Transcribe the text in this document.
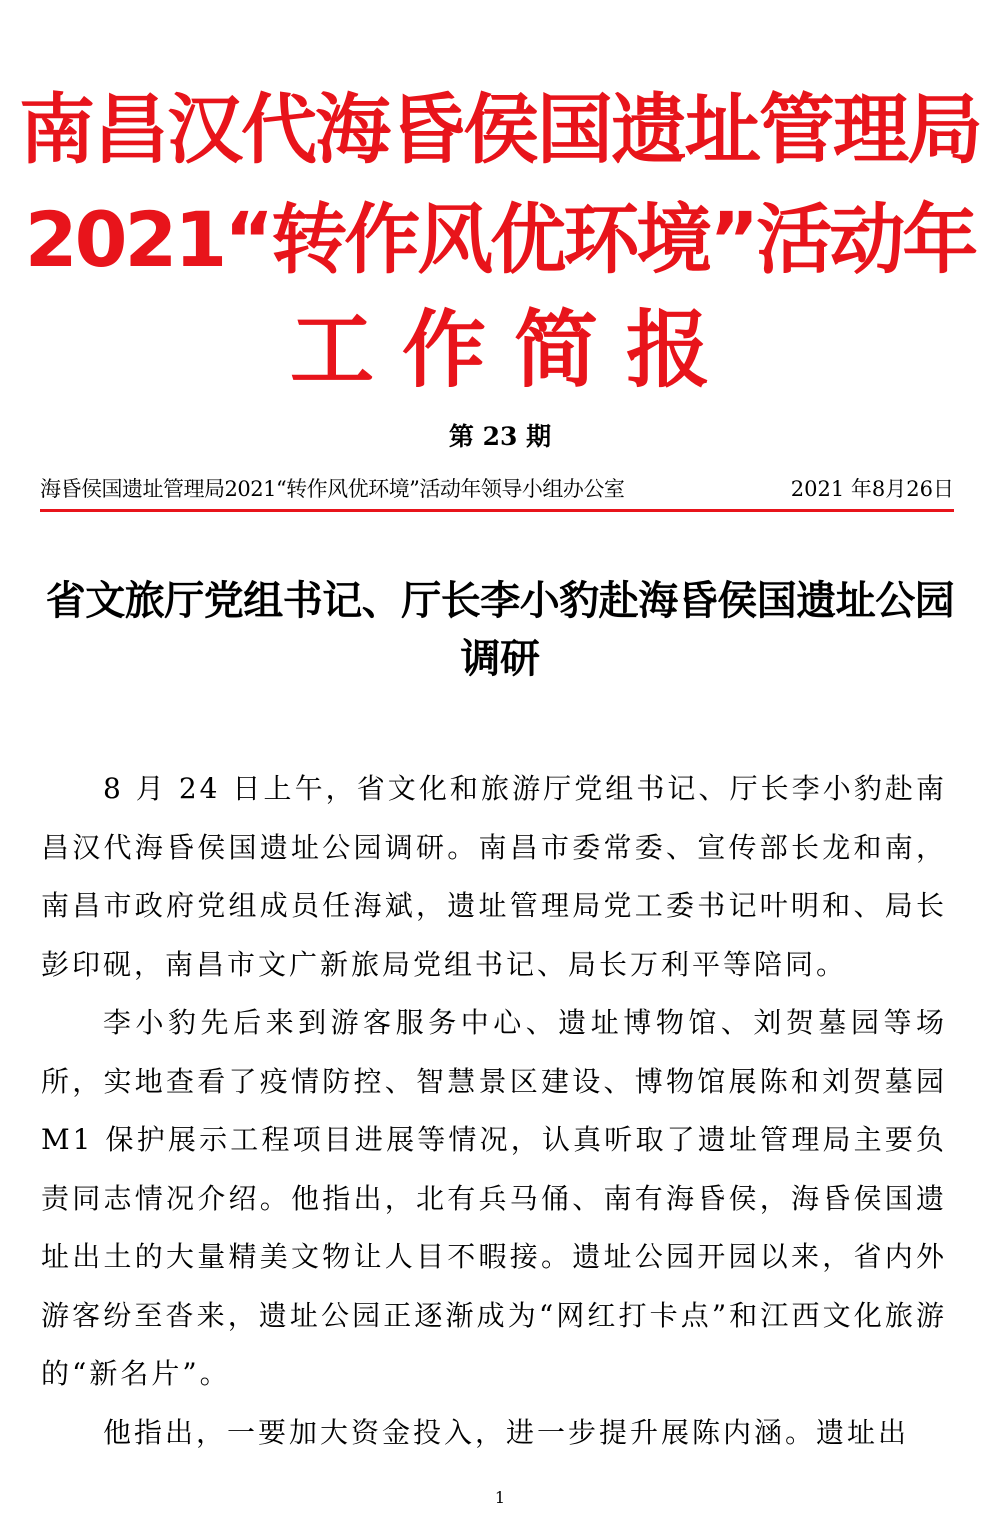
南昌汉代海昏侯国遗址管理局
2021“转作风优环境”活动年
工作简报
第 23 期
海昏侯国遗址管理局2021“转作风优环境”活动年领导小组办公室	2021 年8月26日
省文旅厅党组书记、厅长李小豹赴海昏侯国遗址公园调研

8 月 24 日上午，省文化和旅游厅党组书记、厅长李小豹赴南昌汉代海昏侯国遗址公园调研。南昌市委常委、宣传部长龙和南，南昌市政府党组成员任海斌，遗址管理局党工委书记叶明和、局长彭印砚，南昌市文广新旅局党组书记、局长万利平等陪同。

李小豹先后来到游客服务中心、遗址博物馆、刘贺墓园等场所，实地查看了疫情防控、智慧景区建设、博物馆展陈和刘贺墓园 M1 保护展示工程项目进展等情况，认真听取了遗址管理局主要负责同志情况介绍。他指出，北有兵马俑、南有海昏侯，海昏侯国遗址出土的大量精美文物让人目不暇接。遗址公园开园以来，省内外游客纷至沓来，遗址公园正逐渐成为“网红打卡点”和江西文化旅游的“新名片”。

他指出，一要加大资金投入，进一步提升展陈内涵。遗址出

1
